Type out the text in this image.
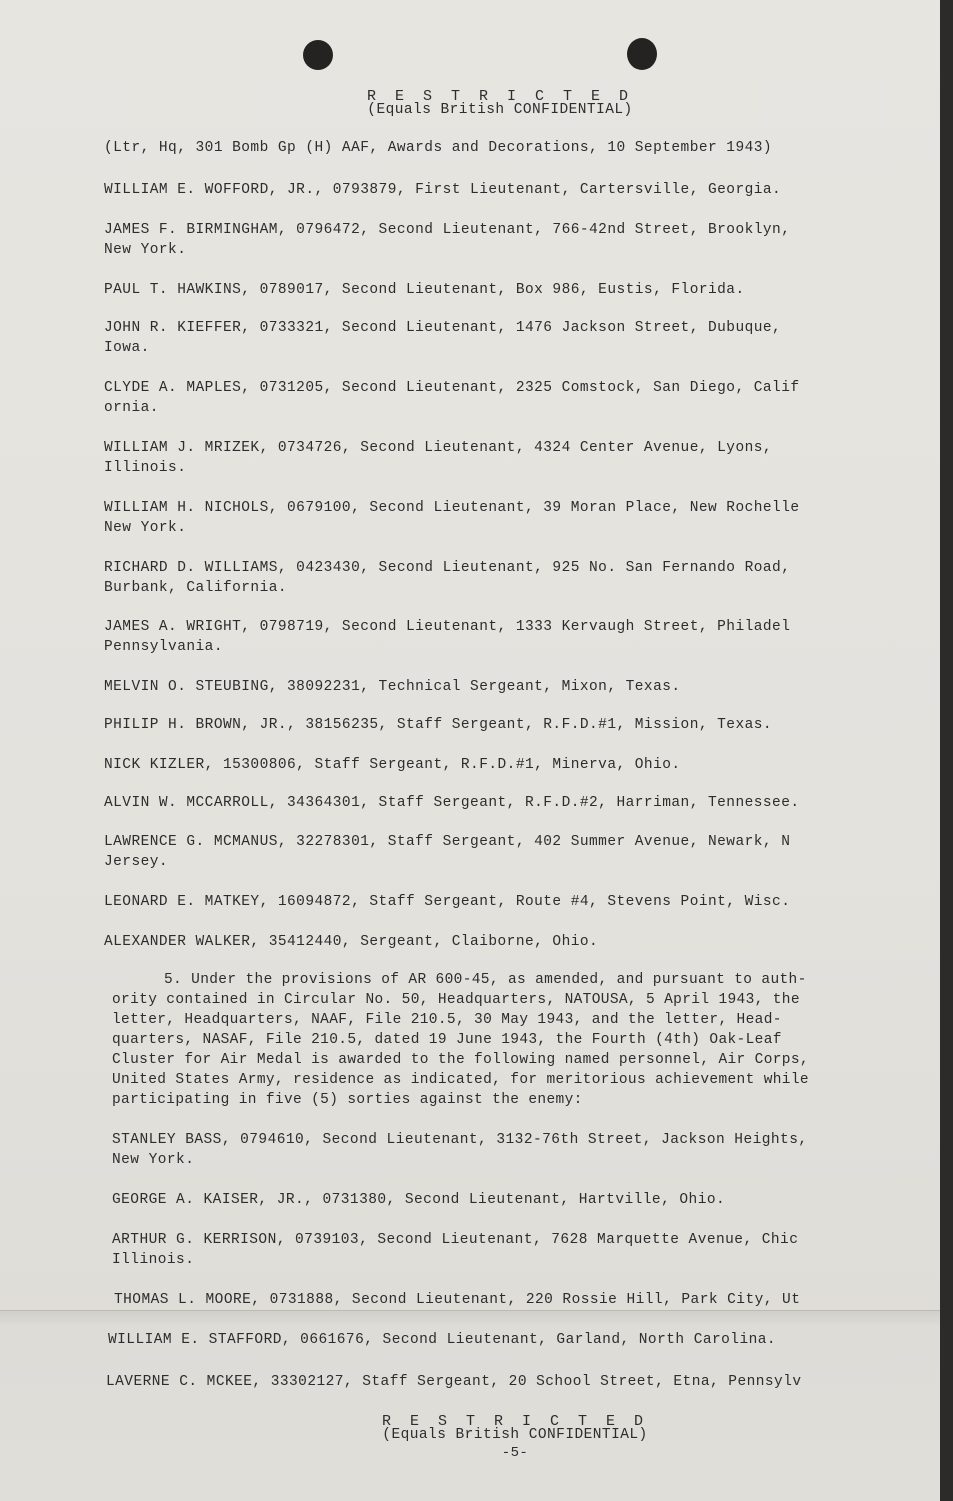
R E S T R I C T E D
(Equals British CONFIDENTIAL)
(Ltr, Hq, 301 Bomb Gp (H) AAF, Awards and Decorations, 10 September 1943)
WILLIAM E. WOFFORD, JR., 0793879, First Lieutenant, Cartersville, Georgia.
JAMES F. BIRMINGHAM, 0796472, Second Lieutenant, 766-42nd Street, Brooklyn,
New York.
PAUL T. HAWKINS, 0789017, Second Lieutenant, Box 986, Eustis, Florida.
JOHN R. KIEFFER, 0733321, Second Lieutenant, 1476 Jackson Street, Dubuque,
Iowa.
CLYDE A. MAPLES, 0731205, Second Lieutenant, 2325 Comstock, San Diego, Calif
ornia.
WILLIAM J. MRIZEK, 0734726, Second Lieutenant, 4324 Center Avenue, Lyons,
Illinois.
WILLIAM H. NICHOLS, 0679100, Second Lieutenant, 39 Moran Place, New Rochelle
New York.
RICHARD D. WILLIAMS, 0423430, Second Lieutenant, 925 No. San Fernando Road,
Burbank, California.
JAMES A. WRIGHT, 0798719, Second Lieutenant, 1333 Kervaugh Street, Philadel
Pennsylvania.
MELVIN O. STEUBING, 38092231, Technical Sergeant, Mixon, Texas.
PHILIP H. BROWN, JR., 38156235, Staff Sergeant, R.F.D.#1, Mission, Texas.
NICK KIZLER, 15300806, Staff Sergeant, R.F.D.#1, Minerva, Ohio.
ALVIN W. MCCARROLL, 34364301, Staff Sergeant, R.F.D.#2, Harriman, Tennessee.
LAWRENCE G. MCMANUS, 32278301, Staff Sergeant, 402 Summer Avenue, Newark, N
Jersey.
LEONARD E. MATKEY, 16094872, Staff Sergeant, Route #4, Stevens Point, Wisc.
ALEXANDER WALKER, 35412440, Sergeant, Claiborne, Ohio.
5. Under the provisions of AR 600-45, as amended, and pursuant to auth-
ority contained in Circular No. 50, Headquarters, NATOUSA, 5 April 1943, the
letter, Headquarters, NAAF, File 210.5, 30 May 1943, and the letter, Head-
quarters, NASAF, File 210.5, dated 19 June 1943, the Fourth (4th) Oak-Leaf
Cluster for Air Medal is awarded to the following named personnel, Air Corps,
United States Army, residence as indicated, for meritorious achievement while
participating in five (5) sorties against the enemy:
STANLEY BASS, 0794610, Second Lieutenant, 3132-76th Street, Jackson Heights,
New York.
GEORGE A. KAISER, JR., 0731380, Second Lieutenant, Hartville, Ohio.
ARTHUR G. KERRISON, 0739103, Second Lieutenant, 7628 Marquette Avenue, Chic
Illinois.
THOMAS L. MOORE, 0731888, Second Lieutenant, 220 Rossie Hill, Park City, Ut
WILLIAM E. STAFFORD, 0661676, Second Lieutenant, Garland, North Carolina.
LAVERNE C. MCKEE, 33302127, Staff Sergeant, 20 School Street, Etna, Pennsylv
R E S T R I C T E D
(Equals British CONFIDENTIAL)
-5-
